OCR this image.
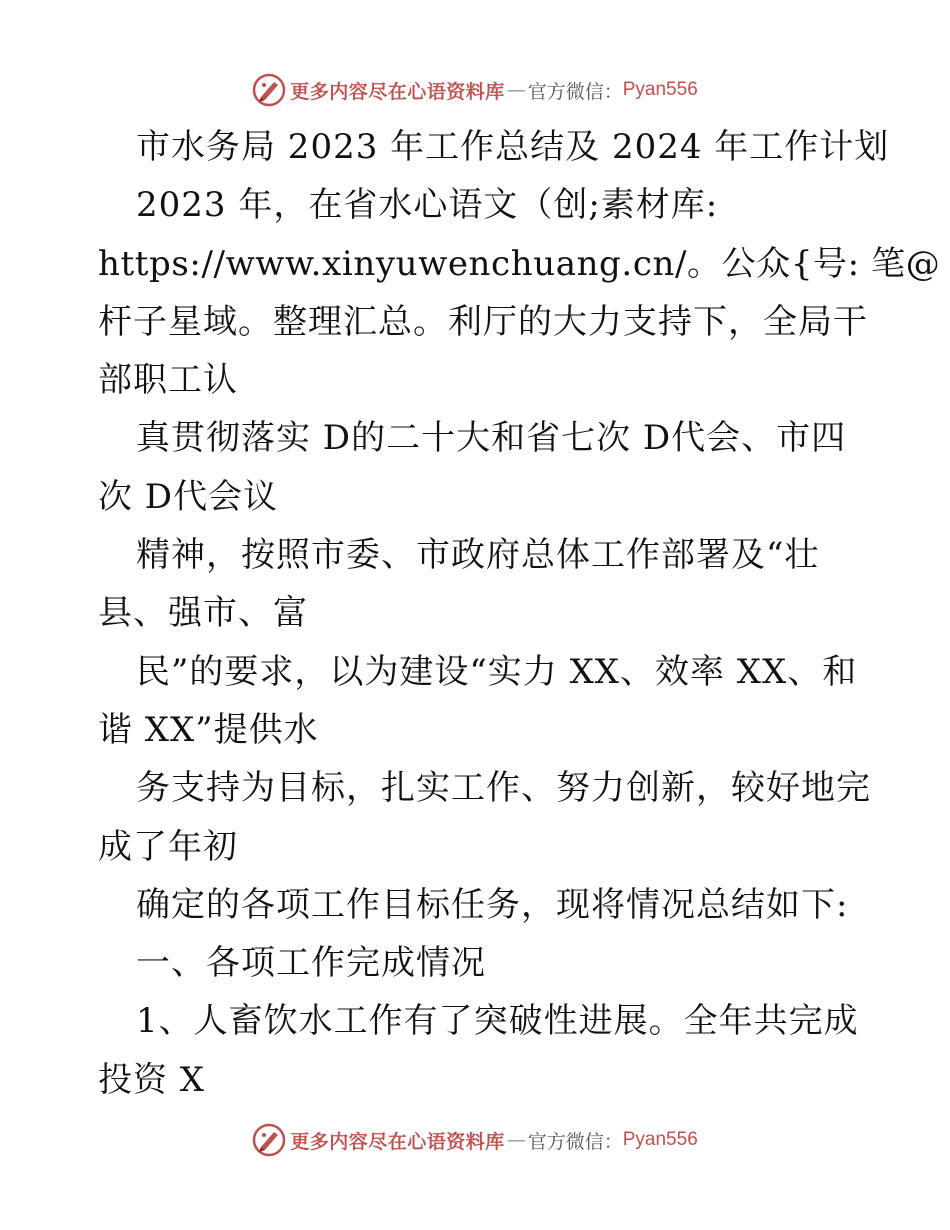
更多内容尽在心语资料库 — 官方微信： Pyan556
市水务局 2023 年工作总结及 2024 年工作计划
2023 年，在省水心语文（创;素材库:
https://www.xinyuwenchuang.cn/。公众{号: 笔@
杆子星域。整理汇总。利厅的大力支持下，全局干
部职工认
真贯彻落实 D的二十大和省七次 D代会、市四
次 D代会议
精神，按照市委、市政府总体工作部署及“壮
县、强市、富
民”的要求，以为建设“实力 XX、效率 XX、和
谐 XX”提供水
务支持为目标，扎实工作、努力创新，较好地完
成了年初
确定的各项工作目标任务，现将情况总结如下:
一、各项工作完成情况
1、人畜饮水工作有了突破性进展。全年共完成
投资 X
更多内容尽在心语资料库 — 官方微信： Pyan556
